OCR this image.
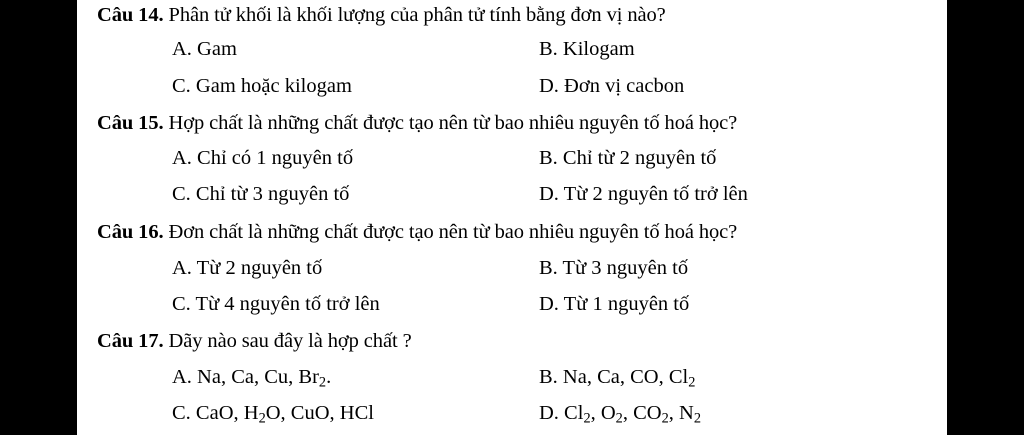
Câu 14. Phân tử khối là khối lượng của phân tử tính bằng đơn vị nào?
A. Gam	B. Kilogam
C. Gam hoặc kilogam	D. Đơn vị cacbon
Câu 15. Hợp chất là những chất được tạo nên từ bao nhiêu nguyên tố hoá học?
A. Chỉ có 1 nguyên tố	B. Chỉ từ 2 nguyên tố
C. Chỉ từ 3 nguyên tố	D. Từ 2 nguyên tố trở lên
Câu 16. Đơn chất là những chất được tạo nên từ bao nhiêu nguyên tố hoá học?
A. Từ 2 nguyên tố	B. Từ 3 nguyên tố
C. Từ 4 nguyên tố trở lên	D. Từ 1 nguyên tố
Câu 17. Dãy nào sau đây là hợp chất ?
A. Na, Ca, Cu, $Br_2$.	B. Na, Ca, CO, $Cl_2$
C. CaO, $H_2O$, CuO, HCl	D. $Cl_2$, $O_2$, $CO_2$, $N_2$
